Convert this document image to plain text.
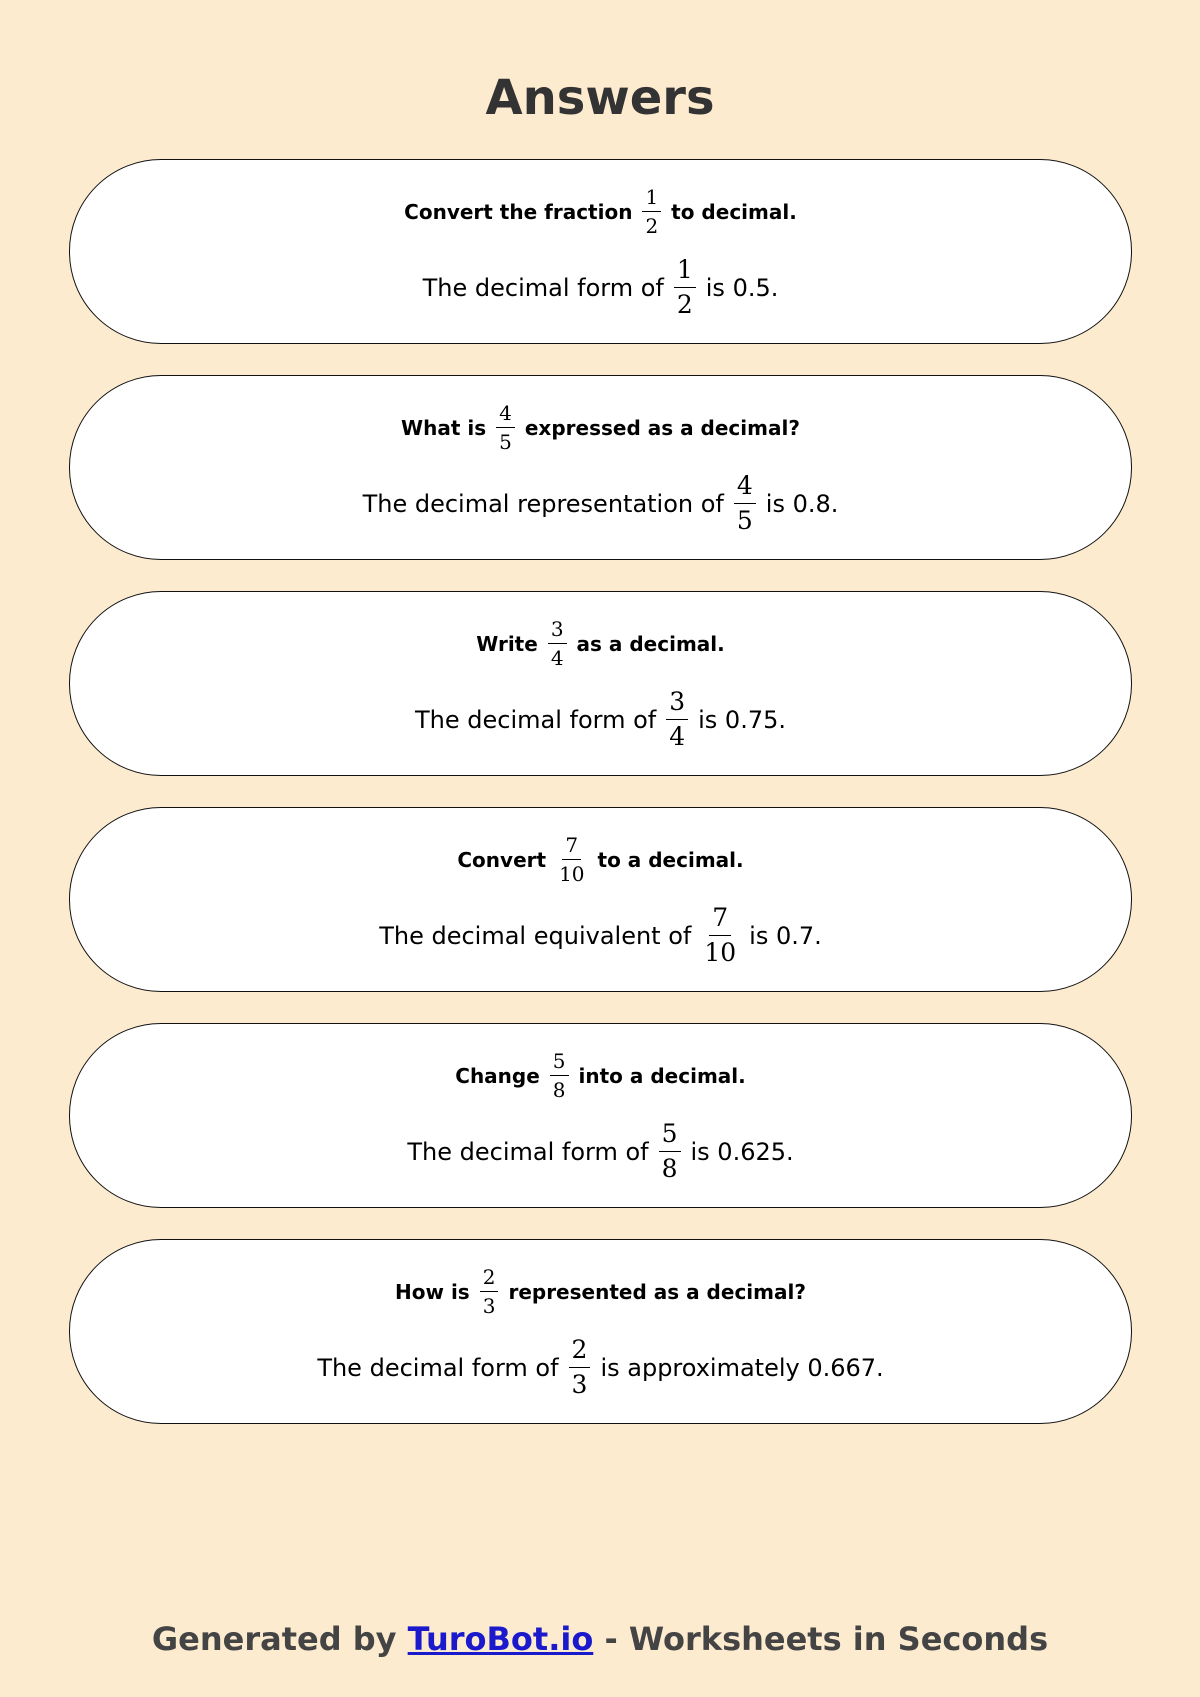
Answers
Convert the fraction $\frac{1}{2}$ to decimal.
The decimal form of $\frac{1}{2}$ is 0.5.
What is $\frac{4}{5}$ expressed as a decimal?
The decimal representation of $\frac{4}{5}$ is 0.8.
Write $\frac{3}{4}$ as a decimal.
The decimal form of $\frac{3}{4}$ is 0.75.
Convert $\frac{7}{10}$ to a decimal.
The decimal equivalent of $\frac{7}{10}$ is 0.7.
Change $\frac{5}{8}$ into a decimal.
The decimal form of $\frac{5}{8}$ is 0.625.
How is $\frac{2}{3}$ represented as a decimal?
The decimal form of $\frac{2}{3}$ is approximately 0.667.
Generated by TuroBot.io - Worksheets in Seconds
